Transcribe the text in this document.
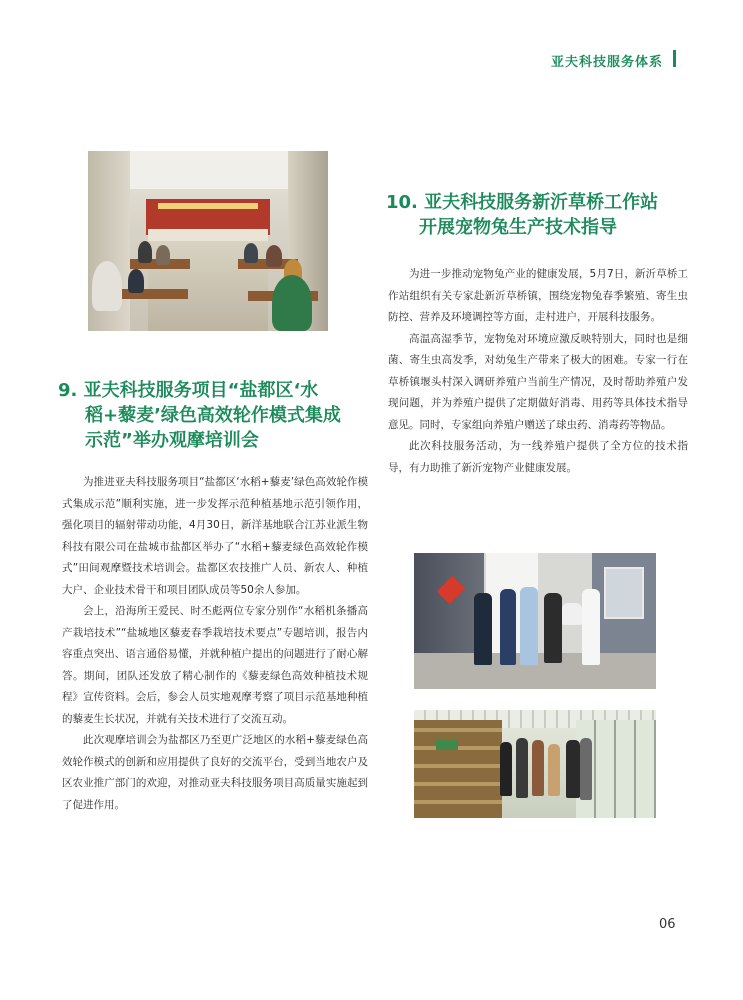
亚夫科技服务体系
9. 亚夫科技服务项目“盐都区‘水
稻+藜麦’绿色高效轮作模式集成
示范”举办观摩培训会

为推进亚夫科技服务项目“盐都区‘水稻+藜麦’绿色高效轮作模式集成示范”顺利实施，进一步发挥示范种植基地示范引领作用，强化项目的辐射带动功能，4月30日，新洋基地联合江苏业派生物科技有限公司在盐城市盐都区举办了“水稻+藜麦绿色高效轮作模式”田间观摩暨技术培训会。盐都区农技推广人员、新农人、种植大户、企业技术骨干和项目团队成员等50余人参加。

会上，沿海所王爱民、时丕彪两位专家分别作“水稻机条播高产栽培技术”“盐城地区藜麦春季栽培技术要点”专题培训，报告内容重点突出、语言通俗易懂，并就种植户提出的问题进行了耐心解答。期间，团队还发放了精心制作的《藜麦绿色高效种植技术规程》宣传资料。会后，参会人员实地观摩考察了项目示范基地种植的藜麦生长状况，并就有关技术进行了交流互动。

此次观摩培训会为盐都区乃至更广泛地区的水稻+藜麦绿色高效轮作模式的创新和应用提供了良好的交流平台，受到当地农户及区农业推广部门的欢迎，对推动亚夫科技服务项目高质量实施起到了促进作用。

10. 亚夫科技服务新沂草桥工作站
开展宠物兔生产技术指导

为进一步推动宠物兔产业的健康发展，5月7日，新沂草桥工作站组织有关专家赴新沂草桥镇，围绕宠物兔春季繁殖、寄生虫防控、营养及环境调控等方面，走村进户，开展科技服务。

高温高湿季节，宠物兔对环境应激反映特别大，同时也是细菌、寄生虫高发季，对幼兔生产带来了极大的困难。专家一行在草桥镇堰头村深入调研养殖户当前生产情况，及时帮助养殖户发现问题，并为养殖户提供了定期做好消毒、用药等具体技术指导意见。同时，专家组向养殖户赠送了球虫药、消毒药等物品。

此次科技服务活动，为一线养殖户提供了全方位的技术指导，有力助推了新沂宠物产业健康发展。

06
